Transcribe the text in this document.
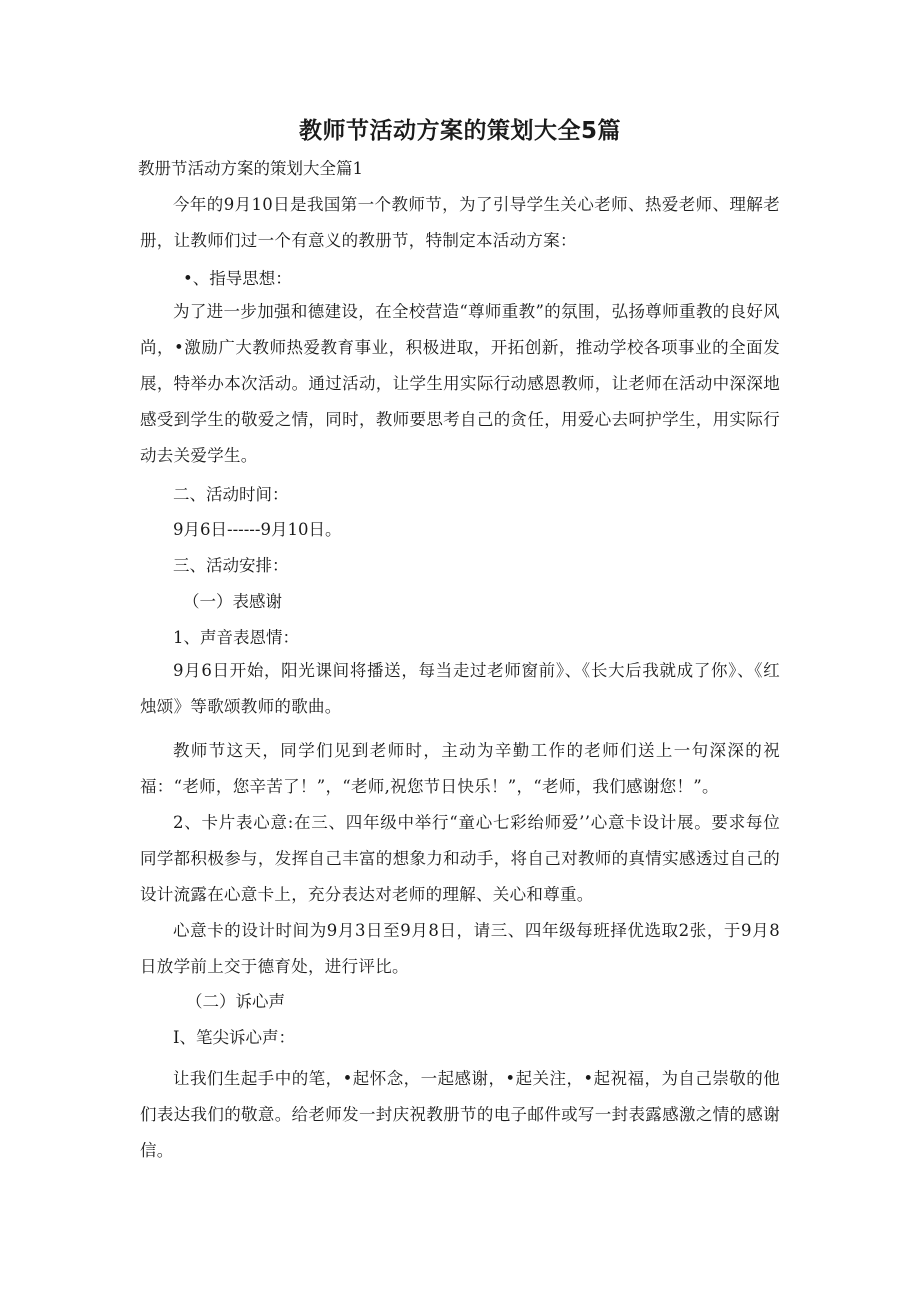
教师节活动方案的策划大全5篇

教册节活动方案的策划大全篇1

今年的9月10日是我国第一个教师节，为了引导学生关心老师、热爱老师、理解老册，让教师们过一个有意义的教册节，特制定本活动方案：

•、指导思想：

为了进一步加强和德建设，在全校营造“尊师重教”的氛围，弘扬尊师重教的良好风尚，•激励广大教师热爱教育事业，积极进取，开拓创新，推动学校各项事业的全面发展，特举办本次活动。通过活动，让学生用实际行动感恩教师，让老师在活动中深深地感受到学生的敬爱之情，同时，教师要思考自己的贪任，用爱心去呵护学生，用实际行动去关爱学生。

二、活动时间：

9月6日------9月10日。

三、活动安排：

（一）表感谢

1、声音表恩情：

9月6日开始，阳光课间将播送，每当走过老师窗前》、《长大后我就成了你》、《红烛颂》等歌颂教师的歌曲。

教师节这天，同学们见到老师时，主动为辛勤工作的老师们送上一句深深的祝福：“老师，您辛苦了！”，“老师,祝您节日快乐！”，“老师，我们感谢您！”。

2、卡片表心意:在三、四年级中举行“童心七彩绐师爱’’心意卡设计展。要求每位同学都积极参与，发挥自己丰富的想象力和动手，将自己对教师的真情实感透过自己的设计流露在心意卡上，充分表达对老师的理解、关心和尊重。

心意卡的设计时间为9月3日至9月8日，请三、四年级每班择优选取2张，于9月8日放学前上交于德育处，进行评比。

（二）诉心声

I、笔尖诉心声：

让我们生起手中的笔，•起怀念，一起感谢，•起关注，•起祝福，为自己崇敬的他们表达我们的敬意。给老师发一封庆祝教册节的电子邮件或写一封表露感激之情的感谢信。
